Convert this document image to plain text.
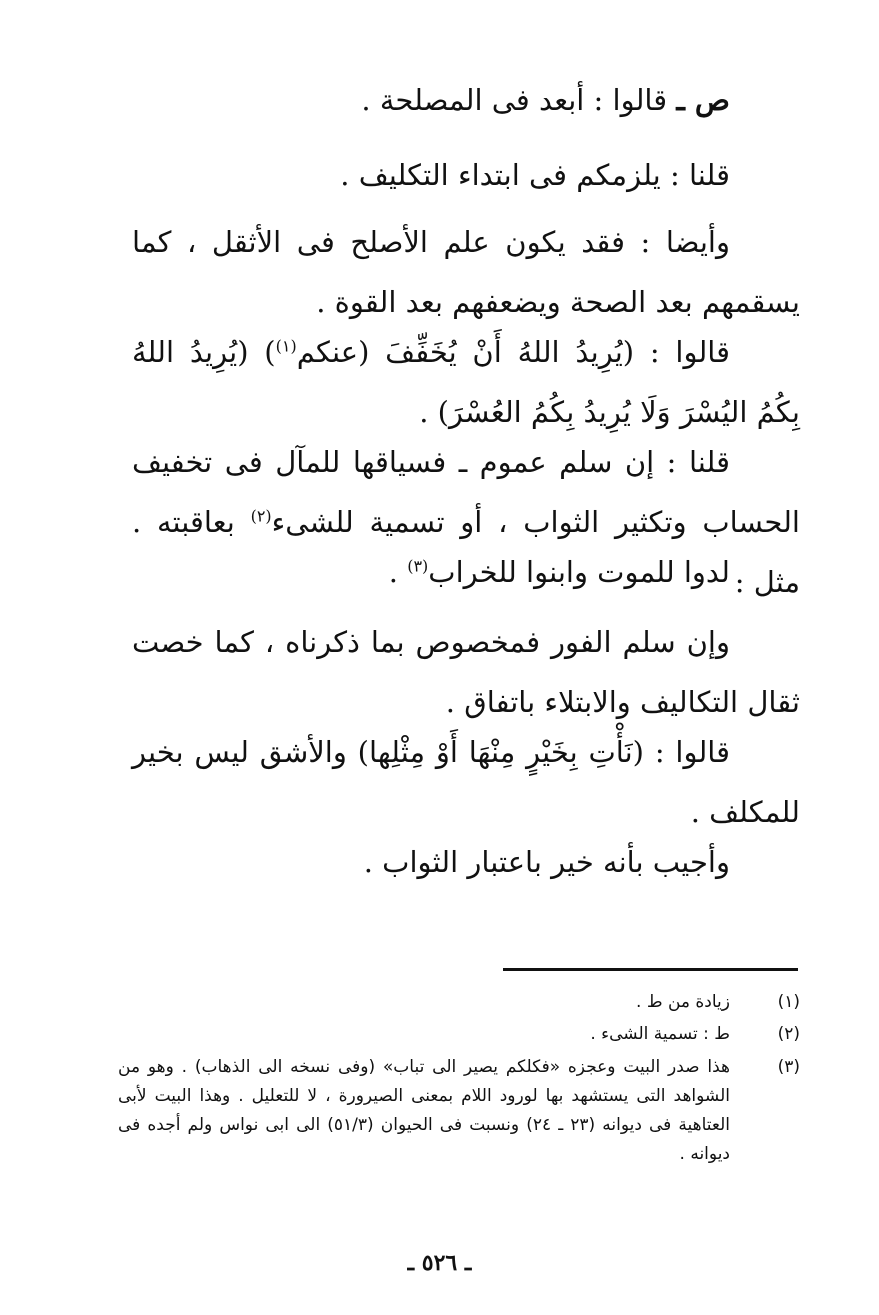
ص ـ قالوا : أبعد فى المصلحة .

قلنا : يلزمكم فى ابتداء التكليف .

وأيضا : فقد يكون علم الأصلح فى الأثقل ، كما يسقمهم بعد الصحة ويضعفهم بعد القوة .

قالوا : (يُرِيدُ اللهُ أَنْ يُخَفِّفَ (عنكم$^{(١)}$) (يُرِيدُ اللهُ بِكُمُ اليُسْرَ وَلَا يُرِيدُ بِكُمُ العُسْرَ) .

قلنا : إن سلم عموم ـ فسياقها للمآل فى تخفيف الحساب وتكثير الثواب ، أو تسمية للشىء$^{(٢)}$ بعاقبته . مثل :

لدوا للموت وابنوا للخراب$^{(٣)}$ .

وإن سلم الفور فمخصوص بما ذكرناه ، كما خصت ثقال التكاليف والابتلاء باتفاق .

قالوا : (نَأْتِ بِخَيْرٍ مِنْهَا أَوْ مِثْلِها) والأشق ليس بخير للمكلف .

وأجيب بأنه خير باعتبار الثواب .

(١)
زيادة من ط .
(٢)
ط : تسمية الشىء .
(٣)
هذا صدر البيت وعجزه «فكلكم يصير الى تباب» (وفى نسخه الى الذهاب) . وهو من الشواهد التى يستشهد بها لورود اللام بمعنى الصيرورة ، لا للتعليل . وهذا البيت لأبى العتاهية فى ديوانه (٢٣ ـ ٢٤) ونسبت فى الحيوان (٥١/٣) الى ابى نواس ولم أجده فى ديوانه .
ـ ٥٢٦ ـ
